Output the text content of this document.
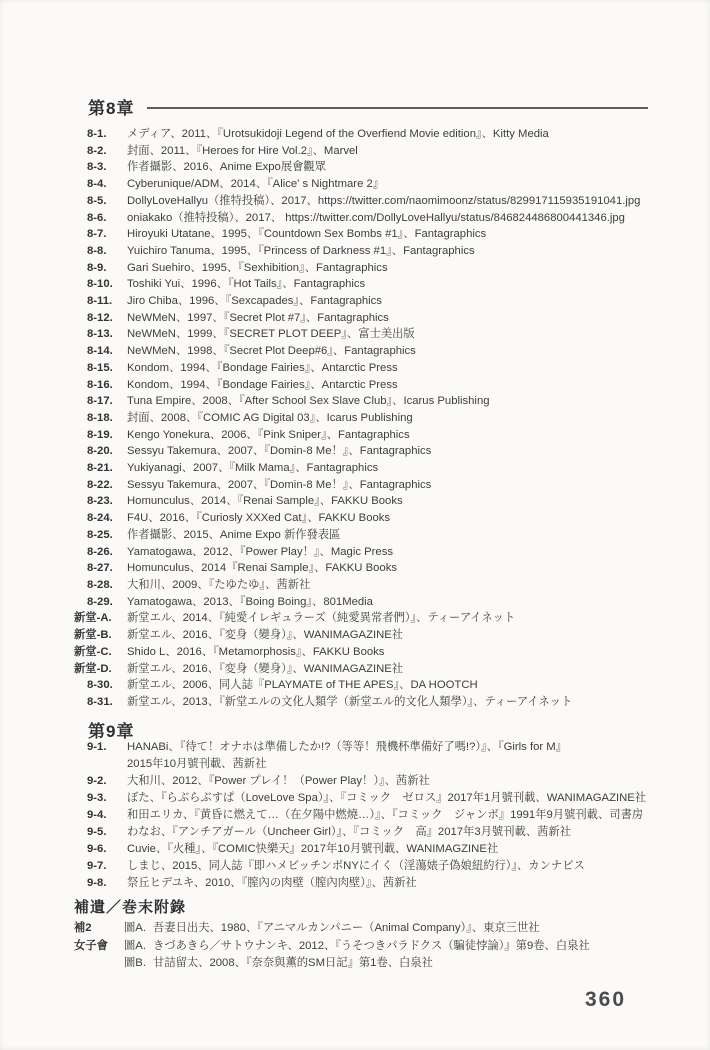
第8章
8-1.	メディア、2011、『Urotsukidoji Legend of the Overfiend Movie edition』、Kitty Media
8-2.	封面、2011、『Heroes for Hire Vol.2』、Marvel
8-3.	作者攝影、2016、Anime Expo展會觀眾
8-4.	Cyberunique/ADM、2014、『Alice' s Nightmare 2』
8-5.	DollyLoveHallyu（推特投稿）、2017、https://twitter.com/naomimoonz/status/829917115935191041.jpg
8-6.	oniakako（推特投稿）、2017、 https://twitter.com/DollyLoveHallyu/status/846824486800441346.jpg
8-7.	Hiroyuki Utatane、1995、『Countdown Sex Bombs #1』、Fantagraphics
8-8.	Yuichiro Tanuma、1995、『Princess of Darkness #1』、Fantagraphics
8-9.	Gari Suehiro、1995、『Sexhibition』、Fantagraphics
8-10.	Toshiki Yui、1996、『Hot Tails』、Fantagraphics
8-11.	Jiro Chiba、1996、『Sexcapades』、Fantagraphics
8-12.	NeWMeN、1997、『Secret Plot #7』、Fantagraphics
8-13.	NeWMeN、1999、『SECRET PLOT DEEP』、富士美出版
8-14.	NeWMeN、1998、『Secret Plot Deep#6』、Fantagraphics
8-15.	Kondom、1994、『Bondage Fairies』、Antarctic Press
8-16.	Kondom、1994、『Bondage Fairies』、Antarctic Press
8-17.	Tuna Empire、2008、『After School Sex Slave Club』、Icarus Publishing
8-18.	封面、2008、『COMIC AG Digital 03』、Icarus Publishing
8-19.	Kengo Yonekura、2006、『Pink Sniper』、Fantagraphics
8-20.	Sessyu Takemura、2007、『Domin-8 Me！』、Fantagraphics
8-21.	Yukiyanagi、2007、『Milk Mama』、Fantagraphics
8-22.	Sessyu Takemura、2007、『Domin-8 Me！』、Fantagraphics
8-23.	Homunculus、2014、『Renai Sample』、FAKKU Books
8-24.	F4U、2016、『Curiosly XXXed Cat』、FAKKU Books
8-25.	作者攝影、2015、Anime Expo 新作發表區
8-26.	Yamatogawa、2012、『Power Play！』、Magic Press
8-27.	Homunculus、2014『Renai Sample』、FAKKU Books
8-28.	大和川、2009、『たゆたゆ』、茜新社
8-29.	Yamatogawa、2013、『Boing Boing』、801Media
新堂-A.	新堂エル、2014、『純愛イレギュラーズ（純愛異常者們）』、ティーアイネット
新堂-B.	新堂エル、2016、『変身（變身）』、WANIMAGAZINE社
新堂-C.	Shido L、2016、『Metamorphosis』、FAKKU Books
新堂-D.	新堂エル、2016、『変身（變身）』、WANIMAGAZINE社
8-30.	新堂エル、2006、同人誌『PLAYMATE of THE APES』、DA HOOTCH
8-31.	新堂エル、2013、『新堂エルの文化人類学（新堂エル的文化人類學）』、ティーアイネット
第9章
9-1.	HANABi、『待て！オナホは準備したか!?（等等！飛機杯準備好了嗎!?）』、『Girls for M』
2015年10月號刊載、茜新社
9-2.	大和川、2012、『Power プレイ！（Power Play！）』、茜新社
9-3.	ぼた、『らぶらぶすぱ（LoveLove Spa）』、『コミック　ゼロス』2017年1月號刊載、WANIMAGAZINE社
9-4.	和田エリカ、『黄昏に燃えて…（在夕陽中燃燒…）』、『コミック　ジャンボ』1991年9月號刊載、司書房
9-5.	わなお、『アンチアガール（Uncheer Girl）』、『コミック　高』2017年3月號刊載、茜新社
9-6.	Cuvie、『火種』、『COMIC快樂天』2017年10月號刊載、WANIMAGZINE社
9-7.	しまじ、2015、同人誌『即ハメビッチンポNYにイく（淫蕩婊子偽娘紐約行）』、カンナビス
9-8.	祭丘ヒデユキ、2010、『膣內の肉壁（膣內肉壁）』、茜新社
補遺／巻末附錄
補2	圖A. 吾妻日出夫、1980、『アニマルカンパニー（Animal Company）』、東京三世社
女子會	圖A. きづあきら／サトウナンキ、2012、『うそつきパラドクス（騙徒悖論）』第9卷、白泉社
圖B. 甘詰留太、2008、『奈奈與薫的SM日記』第1卷、白泉社
360
